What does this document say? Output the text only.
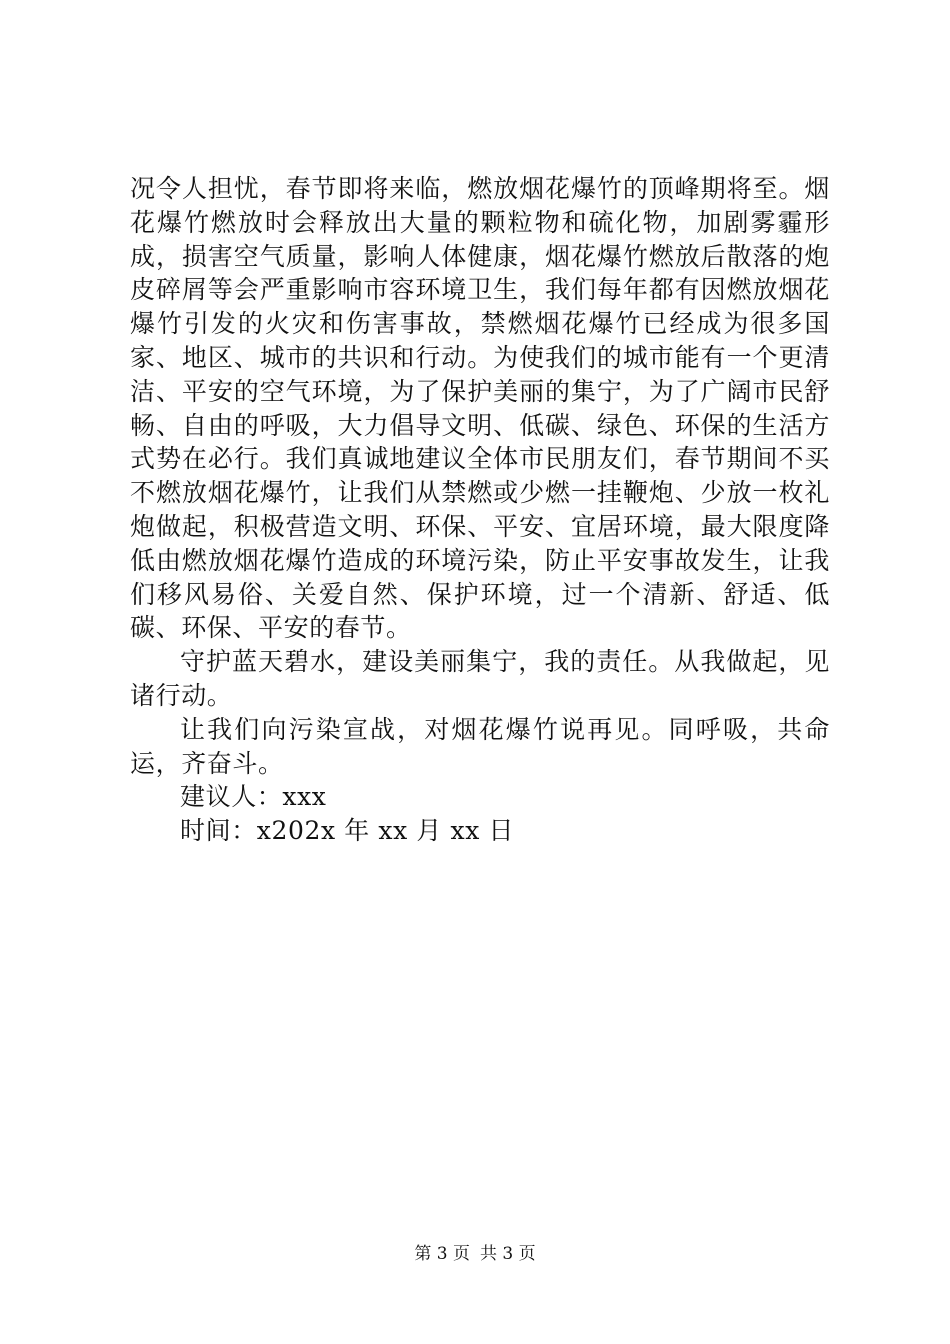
况令人担忧，春节即将来临，燃放烟花爆竹的顶峰期将至。烟花爆竹燃放时会释放出大量的颗粒物和硫化物，加剧雾霾形成，损害空气质量，影响人体健康，烟花爆竹燃放后散落的炮皮碎屑等会严重影响市容环境卫生，我们每年都有因燃放烟花爆竹引发的火灾和伤害事故，禁燃烟花爆竹已经成为很多国家、地区、城市的共识和行动。为使我们的城市能有一个更清洁、平安的空气环境，为了保护美丽的集宁，为了广阔市民舒畅、自由的呼吸，大力倡导文明、低碳、绿色、环保的生活方式势在必行。我们真诚地建议全体市民朋友们，春节期间不买不燃放烟花爆竹，让我们从禁燃或少燃一挂鞭炮、少放一枚礼炮做起，积极营造文明、环保、平安、宜居环境，最大限度降低由燃放烟花爆竹造成的环境污染，防止平安事故发生，让我们移风易俗、关爱自然、保护环境，过一个清新、舒适、低碳、环保、平安的春节。

守护蓝天碧水，建设美丽集宁，我的责任。从我做起，见诸行动。

让我们向污染宣战，对烟花爆竹说再见。同呼吸，共命运，齐奋斗。

建议人：xxx

时间：x202x 年 xx 月 xx 日

第 3 页 共 3 页
